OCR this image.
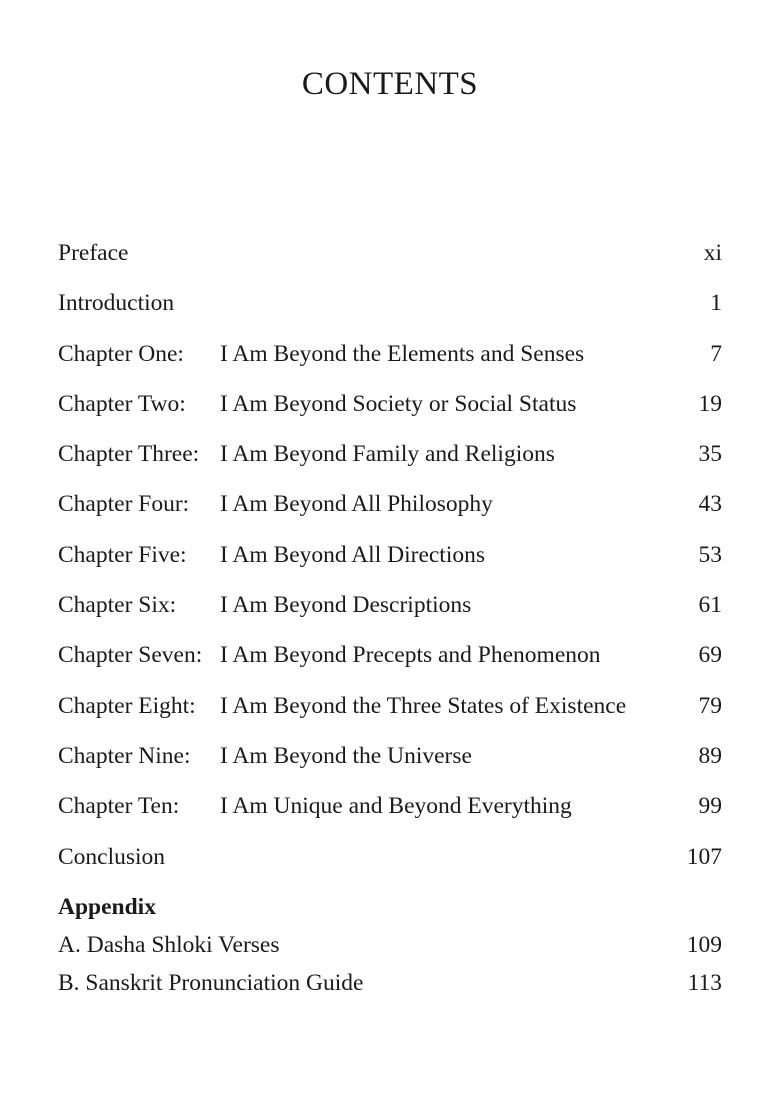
CONTENTS
Preface	xi
Introduction	1
Chapter One: I Am Beyond the Elements and Senses	7
Chapter Two: I Am Beyond Society or Social Status	19
Chapter Three: I Am Beyond Family and Religions	35
Chapter Four: I Am Beyond All Philosophy	43
Chapter Five: I Am Beyond All Directions	53
Chapter Six: I Am Beyond Descriptions	61
Chapter Seven: I Am Beyond Precepts and Phenomenon	69
Chapter Eight: I Am Beyond the Three States of Existence	79
Chapter Nine: I Am Beyond the Universe	89
Chapter Ten: I Am Unique and Beyond Everything	99
Conclusion	107
Appendix
A. Dasha Shloki Verses	109
B. Sanskrit Pronunciation Guide	113
